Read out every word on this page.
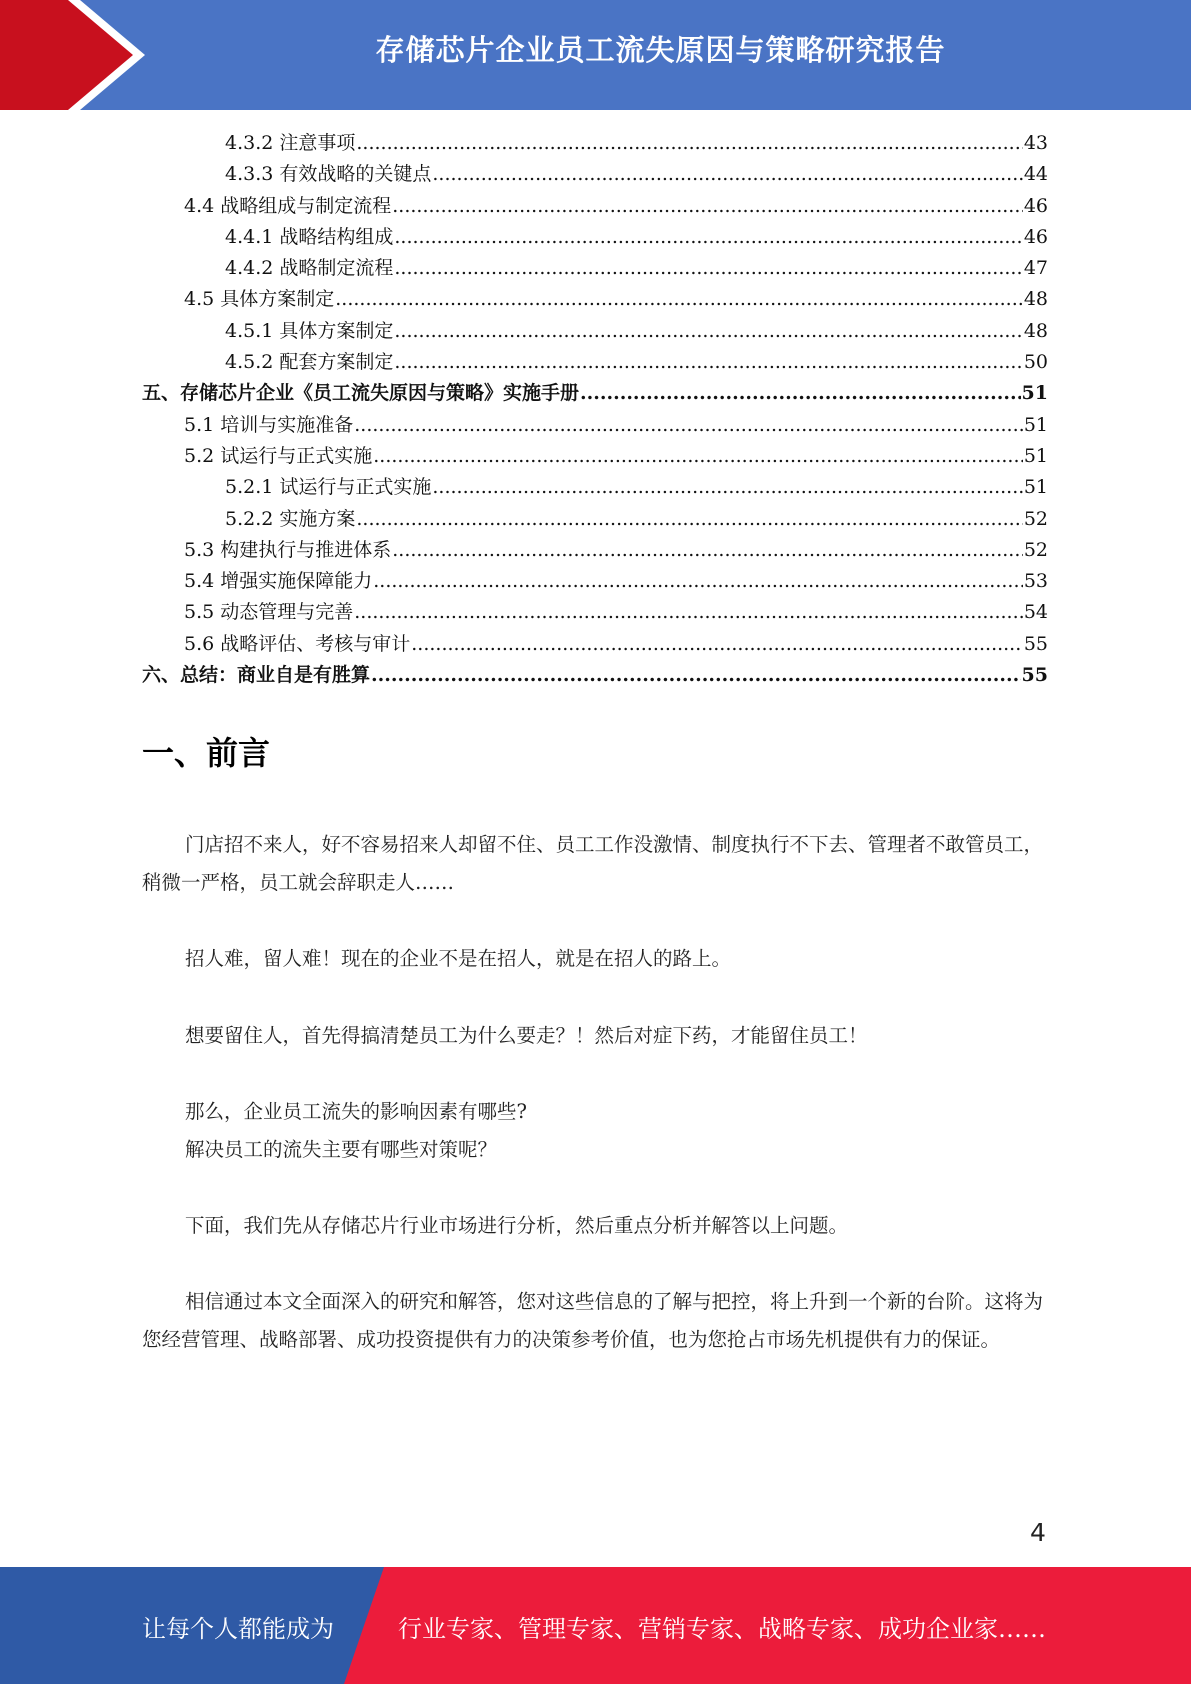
存储芯片企业员工流失原因与策略研究报告
4.3.2 注意事项 .....	43
4.3.3 有效战略的关键点 .....	44
4.4 战略组成与制定流程 .....	46
4.4.1 战略结构组成 .....	46
4.4.2 战略制定流程 .....	47
4.5 具体方案制定 .....	48
4.5.1 具体方案制定 .....	48
4.5.2 配套方案制定 .....	50
五、存储芯片企业《员工流失原因与策略》实施手册 .....	51
5.1 培训与实施准备 .....	51
5.2 试运行与正式实施 .....	51
5.2.1 试运行与正式实施 .....	51
5.2.2 实施方案 .....	52
5.3 构建执行与推进体系 .....	52
5.4 增强实施保障能力 .....	53
5.5 动态管理与完善 .....	54
5.6 战略评估、考核与审计 .....	55
六、总结：商业自是有胜算 .....	55
一、前言
门店招不来人，好不容易招来人却留不住、员工工作没激情、制度执行不下去、管理者不敢管员工，稍微一严格，员工就会辞职走人……
招人难，留人难！现在的企业不是在招人，就是在招人的路上。
想要留住人，首先得搞清楚员工为什么要走？！然后对症下药，才能留住员工！
那么，企业员工流失的影响因素有哪些?
解决员工的流失主要有哪些对策呢？
下面，我们先从存储芯片行业市场进行分析，然后重点分析并解答以上问题。
相信通过本文全面深入的研究和解答，您对这些信息的了解与把控，将上升到一个新的台阶。这将为您经营管理、战略部署、成功投资提供有力的决策参考价值，也为您抢占市场先机提供有力的保证。
4
让每个人都能成为	行业专家、管理专家、营销专家、战略专家、成功企业家……
